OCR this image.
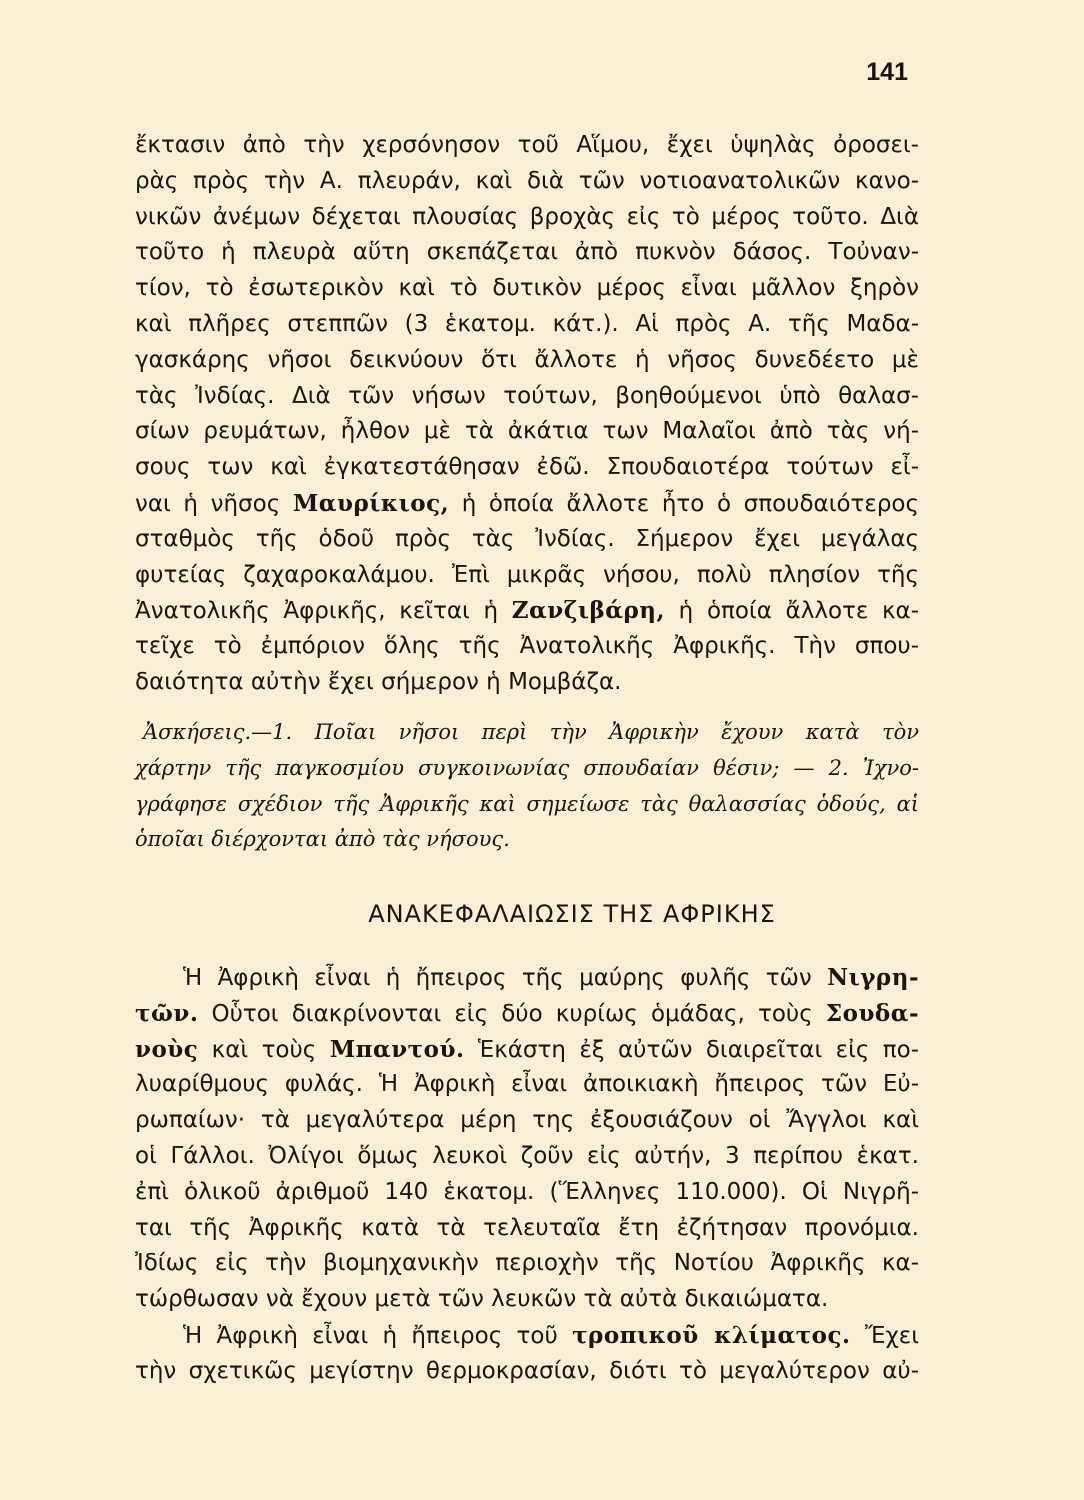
141
ἔκτασιν ἀπὸ τὴν χερσόνησον τοῦ Αἵμου, ἔχει ὑψηλὰς ὀροσει-
ρὰς πρὸς τὴν Α. πλευράν, καὶ διὰ τῶν νοτιοανατολικῶν κανο-
νικῶν ἀνέμων δέχεται πλουσίας βροχὰς εἰς τὸ μέρος τοῦτο. Διὰ
τοῦτο ἡ πλευρὰ αὕτη σκεπάζεται ἀπὸ πυκνὸν δάσος. Τοὐναν-
τίον, τὸ ἐσωτερικὸν καὶ τὸ δυτικὸν μέρος εἶναι μᾶλλον ξηρὸν
καὶ πλῆρες στεππῶν (3 ἑκατομ. κάτ.). Αἱ πρὸς Α. τῆς Μαδα-
γασκάρης νῆσοι δεικνύουν ὅτι ἄλλοτε ἡ νῆσος δυνεδέετο μὲ
τὰς Ἰνδίας. Διὰ τῶν νήσων τούτων, βοηθούμενοι ὑπὸ θαλασ-
σίων ρευμάτων, ἦλθον μὲ τὰ ἀκάτια των Μαλαῖοι ἀπὸ τὰς νή-
σους των καὶ ἐγκατεστάθησαν ἐδῶ. Σπουδαιοτέρα τούτων εἶ-
ναι ἡ νῆσος Μαυρίκιος, ἡ ὁποία ἄλλοτε ἦτο ὁ σπουδαιότερος
σταθμὸς τῆς ὁδοῦ πρὸς τὰς Ἰνδίας. Σήμερον ἔχει μεγάλας
φυτείας ζαχαροκαλάμου. Ἐπὶ μικρᾶς νήσου, πολὺ πλησίον τῆς
Ἀνατολικῆς Ἀφρικῆς, κεῖται ἡ Ζανζιβάρη, ἡ ὁποία ἄλλοτε κα-
τεῖχε τὸ ἐμπόριον ὅλης τῆς Ἀνατολικῆς Ἀφρικῆς. Τὴν σπου-
δαιότητα αὐτὴν ἔχει σήμερον ἡ Μομβάζα.
Ἀσκήσεις.—1. Ποῖαι νῆσοι περὶ τὴν Ἀφρικὴν ἔχουν κατὰ τὸν
χάρτην τῆς παγκοσμίου συγκοινωνίας σπουδαίαν θέσιν; — 2. Ἰχνο-
γράφησε σχέδιον τῆς Ἀφρικῆς καὶ σημείωσε τὰς θαλασσίας ὁδούς, αἱ
ὁποῖαι διέρχονται ἀπὸ τὰς νήσους.
ΑΝΑΚΕΦΑΛΑΙΩΣΙΣ ΤΗΣ ΑΦΡΙΚΗΣ
Ἡ Ἀφρικὴ εἶναι ἡ ἤπειρος τῆς μαύρης φυλῆς τῶν Νιγρη-
τῶν. Οὗτοι διακρίνονται εἰς δύο κυρίως ὁμάδας, τοὺς Σουδα-
νοὺς καὶ τοὺς Μπαντού. Ἑκάστη ἐξ αὐτῶν διαιρεῖται εἰς πο-
λυαρίθμους φυλάς. Ἡ Ἀφρικὴ εἶναι ἀποικιακὴ ἤπειρος τῶν Εὐ-
ρωπαίων· τὰ μεγαλύτερα μέρη της ἐξουσιάζουν οἱ Ἄγγλοι καὶ
οἱ Γάλλοι. Ὀλίγοι ὅμως λευκοὶ ζοῦν εἰς αὐτήν, 3 περίπου ἑκατ.
ἐπὶ ὁλικοῦ ἀριθμοῦ 140 ἑκατομ. (Ἕλληνες 110.000). Οἱ Νιγρῆ-
ται τῆς Ἀφρικῆς κατὰ τὰ τελευταῖα ἔτη ἐζήτησαν προνόμια.
Ἰδίως εἰς τὴν βιομηχανικὴν περιοχὴν τῆς Νοτίου Ἀφρικῆς κα-
τώρθωσαν νὰ ἔχουν μετὰ τῶν λευκῶν τὰ αὐτὰ δικαιώματα.
Ἡ Ἀφρικὴ εἶναι ἡ ἤπειρος τοῦ τροπικοῦ κλίματος. Ἔχει
τὴν σχετικῶς μεγίστην θερμοκρασίαν, διότι τὸ μεγαλύτερον αὐ-
